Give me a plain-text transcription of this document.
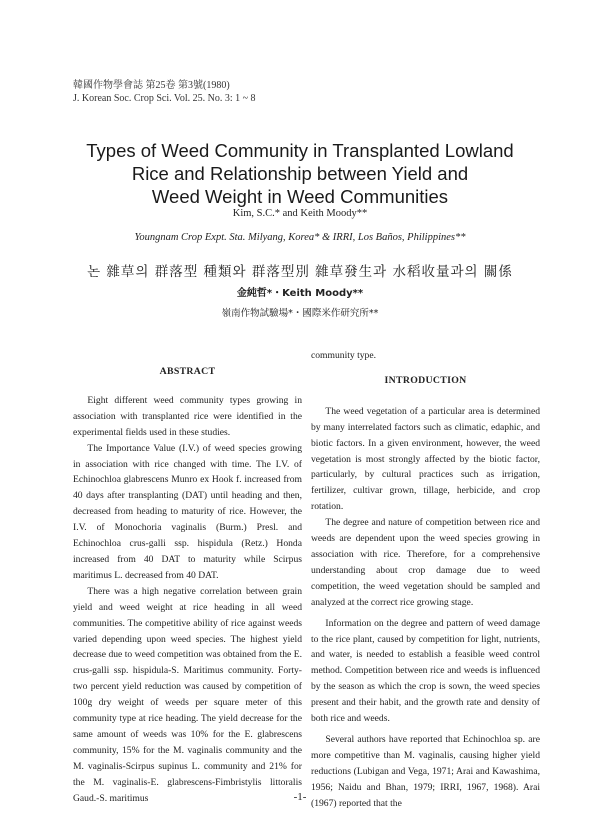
韓國作物學會誌 第25卷 第3號(1980)
J. Korean Soc. Crop Sci. Vol. 25. No. 3: 1 ~ 8
Types of Weed Community in Transplanted Lowland
Rice and Relationship between Yield and
Weed Weight in Weed Communities
Kim, S.C.* and Keith Moody**
Youngnam Crop Expt. Sta. Milyang, Korea* & IRRI, Los Baños, Philippines**
논 雜草의 群落型 種類와 群落型別 雜草發生과 水稻收量과의 關係
金純哲*・Keith Moody**
嶺南作物試驗場*・國際米作研究所**

ABSTRACT

Eight different weed community types growing in association with transplanted rice were identified in the experimental fields used in these studies.

The Importance Value (I.V.) of weed species growing in association with rice changed with time. The I.V. of Echinochloa glabrescens Munro ex Hook f. increased from 40 days after transplanting (DAT) until heading and then, decreased from heading to maturity of rice. However, the I.V. of Monochoria vaginalis (Burm.) Presl. and Echinochloa crus-galli ssp. hispidula (Retz.) Honda increased from 40 DAT to maturity while Scirpus maritimus L. decreased from 40 DAT.

There was a high negative correlation between grain yield and weed weight at rice heading in all weed communities. The competitive ability of rice against weeds varied depending upon weed species. The highest yield decrease due to weed competition was obtained from the E. crus-galli ssp. hispidula-S. Maritimus community. Forty-two percent yield reduction was caused by competition of 100g dry weight of weeds per square meter of this community type at rice heading. The yield decrease for the same amount of weeds was 10% for the E. glabrescens community, 15% for the M. vaginalis community and the M. vaginalis-Scirpus supinus L. community and 21% for the M. vaginalis-E. glabrescens-Fimbristylis littoralis Gaud.-S. maritimus

community type.

INTRODUCTION

The weed vegetation of a particular area is determined by many interrelated factors such as climatic, edaphic, and biotic factors. In a given environment, however, the weed vegetation is most strongly affected by the biotic factor, particularly, by cultural practices such as irrigation, fertilizer, cultivar grown, tillage, herbicide, and crop rotation.

The degree and nature of competition between rice and weeds are dependent upon the weed species growing in association with rice. Therefore, for a comprehensive understanding about crop damage due to weed competition, the weed vegetation should be sampled and analyzed at the correct rice growing stage.

Information on the degree and pattern of weed damage to the rice plant, caused by competition for light, nutrients, and water, is needed to establish a feasible weed control method. Competition between rice and weeds is influenced by the season as which the crop is sown, the weed species present and their habit, and the growth rate and density of both rice and weeds.

Several authors have reported that Echinochloa sp. are more competitive than M. vaginalis, causing higher yield reductions (Lubigan and Vega, 1971; Arai and Kawashima, 1956; Naidu and Bhan, 1979; IRRI, 1967, 1968). Arai (1967) reported that the

-1-
